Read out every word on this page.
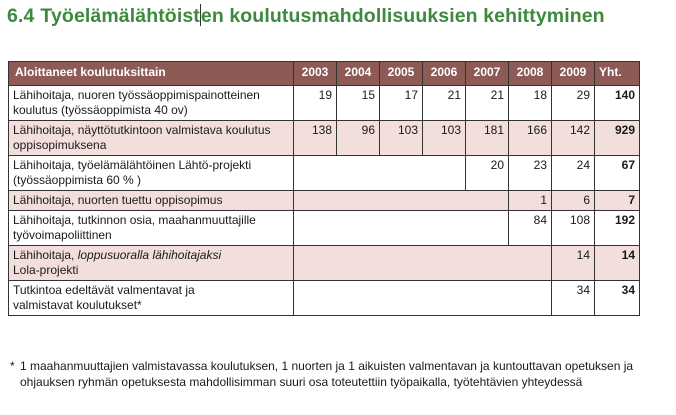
6.4 Työelämälähtöisten koulutusmahdollisuuksien kehittyminen
Aloittaneet koulutuksittain	2003	2004	2005	2006	2007	2008	2009	Yht.
Lähihoitaja, nuoren työssäoppimispainotteinen
koulutus (työssäoppimista 40 ov)	19	15	17	21	21	18	29	140
Lähihoitaja, näyttötutkintoon valmistava koulutus
oppisopimuksena	138	96	103	103	181	166	142	929
Lähihoitaja, työelämälähtöinen Lähtö-projekti
(työssäoppimista 60 % )					20	23	24	67
Lähihoitaja, nuorten tuettu oppisopimus						1	6	7
Lähihoitaja, tutkinnon osia, maahanmuuttajille
työvoimapoliittinen						84	108	192
Lähihoitaja, loppusuoralla lähihoitajaksi
Lola-projekti							14	14
Tutkintoa edeltävät valmentavat ja
valmistavat koulutukset*							34	34
* 1 maahanmuuttajien valmistavassa koulutuksen, 1 nuorten ja 1 aikuisten valmentavan ja kuntouttavan opetuksen ja
ohjauksen ryhmän opetuksesta mahdollisimman suuri osa toteutettiin työpaikalla, työtehtävien yhteydessä
